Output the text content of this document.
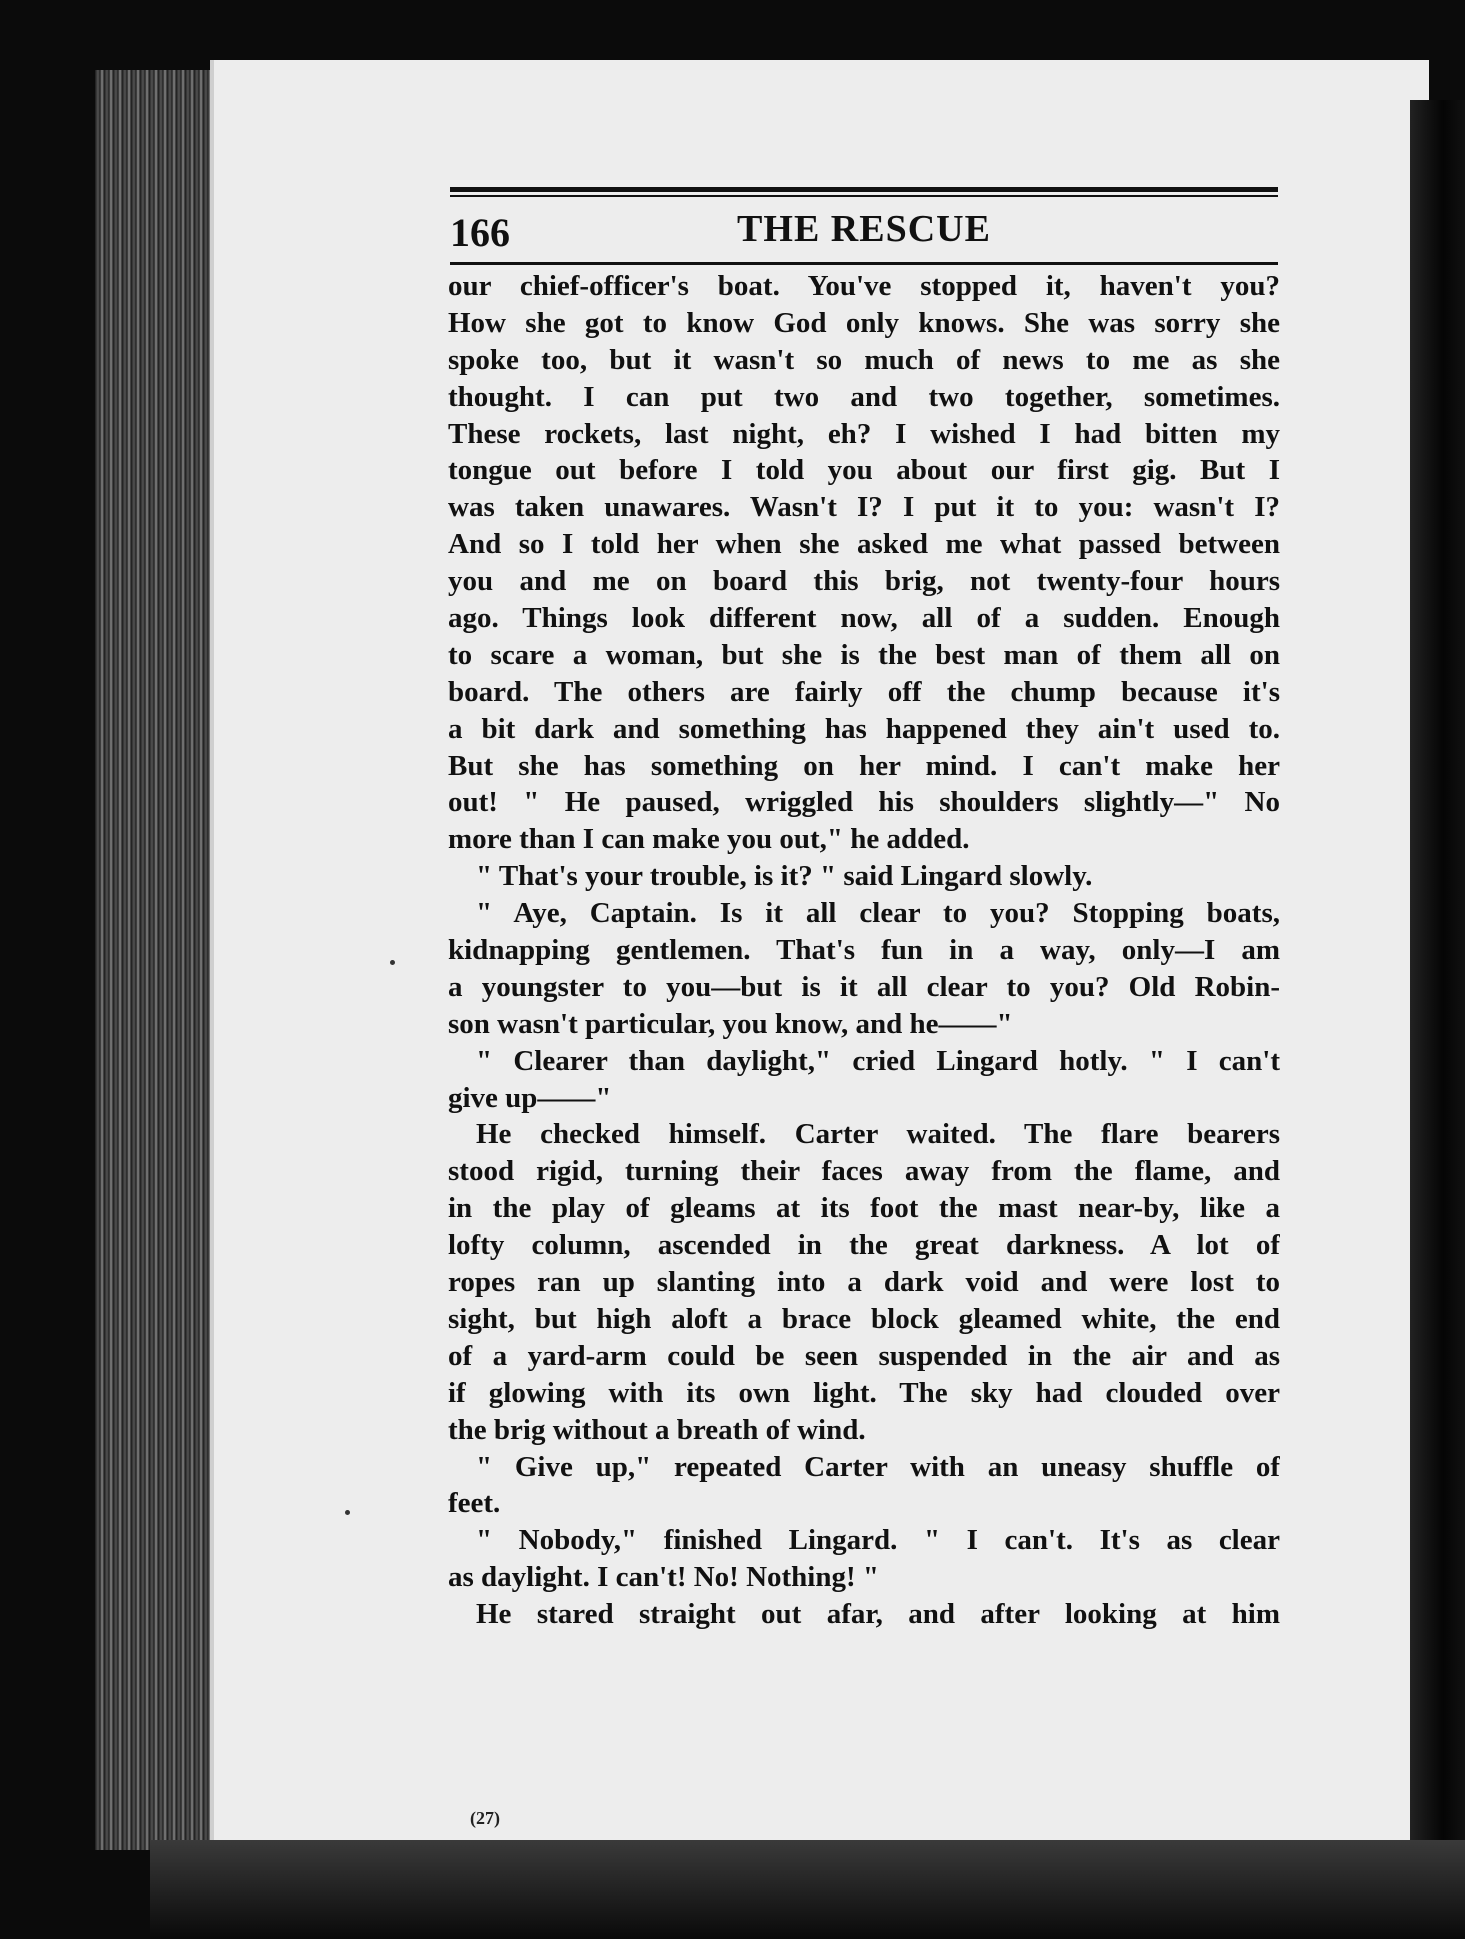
166	THE RESCUE
our chief-officer's boat. You've stopped it, haven't you?
How she got to know God only knows. She was sorry she
spoke too, but it wasn't so much of news to me as she
thought. I can put two and two together, sometimes.
These rockets, last night, eh? I wished I had bitten my
tongue out before I told you about our first gig. But I
was taken unawares. Wasn't I? I put it to you: wasn't I?
And so I told her when she asked me what passed between
you and me on board this brig, not twenty-four hours
ago. Things look different now, all of a sudden. Enough
to scare a woman, but she is the best man of them all on
board. The others are fairly off the chump because it's
a bit dark and something has happened they ain't used to.
But she has something on her mind. I can't make her
out! " He paused, wriggled his shoulders slightly—" No
more than I can make you out," he added.
" That's your trouble, is it? " said Lingard slowly.
" Aye, Captain. Is it all clear to you? Stopping boats,
kidnapping gentlemen. That's fun in a way, only—I am
a youngster to you—but is it all clear to you? Old Robin-
son wasn't particular, you know, and he——"
" Clearer than daylight," cried Lingard hotly. " I can't
give up——"
He checked himself. Carter waited. The flare bearers
stood rigid, turning their faces away from the flame, and
in the play of gleams at its foot the mast near-by, like a
lofty column, ascended in the great darkness. A lot of
ropes ran up slanting into a dark void and were lost to
sight, but high aloft a brace block gleamed white, the end
of a yard-arm could be seen suspended in the air and as
if glowing with its own light. The sky had clouded over
the brig without a breath of wind.
" Give up," repeated Carter with an uneasy shuffle of
feet.
" Nobody," finished Lingard. " I can't. It's as clear
as daylight. I can't! No! Nothing! "
He stared straight out afar, and after looking at him
(27)
